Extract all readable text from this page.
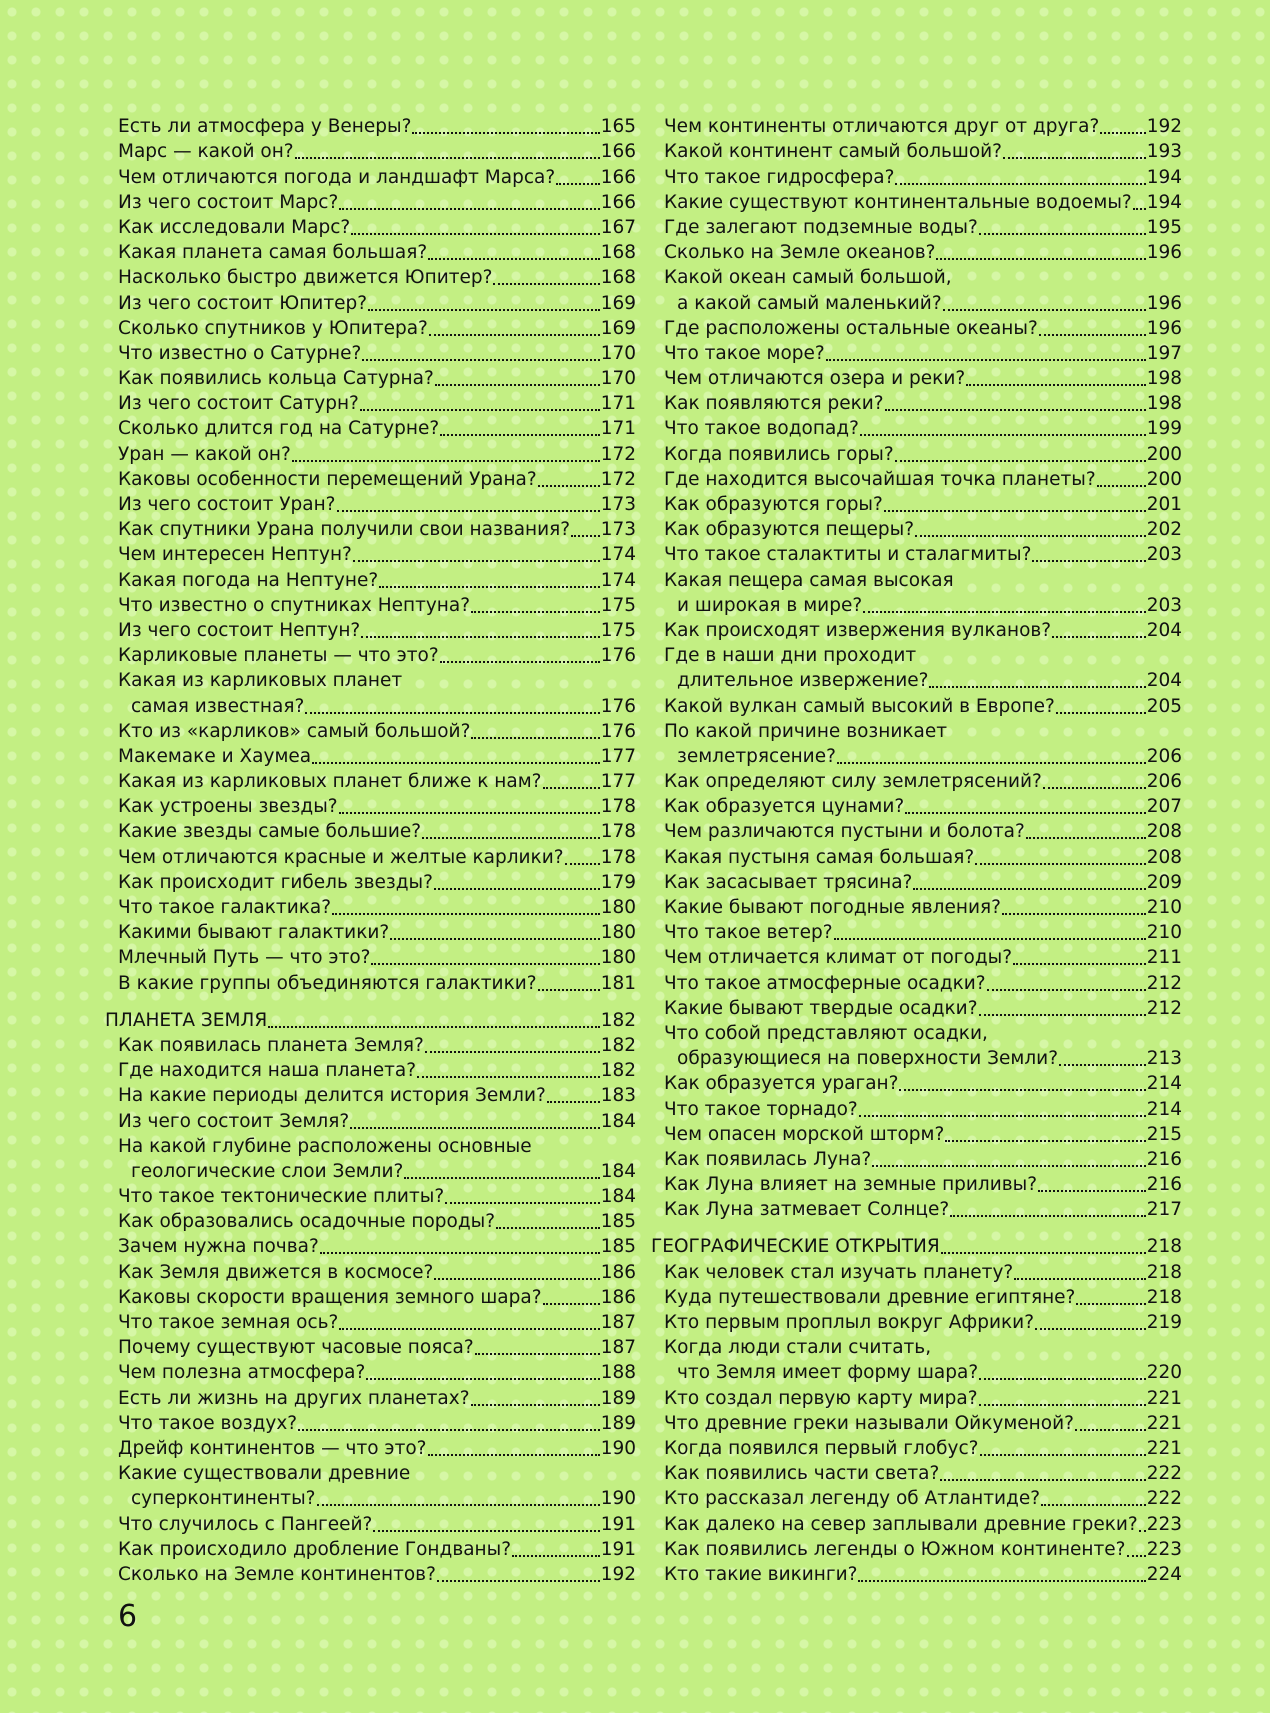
Есть ли атмосфера у Венеры?	165
Марс — какой он?	166
Чем отличаются погода и ландшафт Марса? 166
Из чего состоит Марс?	166
Как исследовали Марс?	167
Какая планета самая большая?	168
Насколько быстро движется Юпитер?	168
Из чего состоит Юпитер?	169
Сколько спутников у Юпитера?	169
Что известно о Сатурне?	170
Как появились кольца Сатурна?	170
Из чего состоит Сатурн?	171
Сколько длится год на Сатурне?	171
Уран — какой он?	172
Каковы особенности перемещений Урана?	172
Из чего состоит Уран?	173
Как спутники Урана получили свои названия? 173
Чем интересен Нептун?	174
Какая погода на Нептуне?	174
Что известно о спутниках Нептуна?	175
Из чего состоит Нептун?	175
Карликовые планеты — что это?	176
Какая из карликовых планет
самая известная?	176
Кто из «карликов» самый большой?	176
Макемаке и Хаумеа	177
Какая из карликовых планет ближе к нам?	177
Как устроены звезды?	178
Какие звезды самые большие?	178
Чем отличаются красные и желтые карлики? 178
Как происходит гибель звезды?	179
Что такое галактика?	180
Какими бывают галактики?	180
Млечный Путь — что это?	180
В какие группы объединяются галактики?	181
ПЛАНЕТА ЗЕМЛЯ	182
Как появилась планета Земля?	182
Где находится наша планета?	182
На какие периоды делится история Земли?	183
Из чего состоит Земля?	184
На какой глубине расположены основные
геологические слои Земли?	184
Что такое тектонические плиты?	184
Как образовались осадочные породы?	185
Зачем нужна почва?	185
Как Земля движется в космосе?	186
Каковы скорости вращения земного шара?	186
Что такое земная ось?	187
Почему существуют часовые пояса?	187
Чем полезна атмосфера?	188
Есть ли жизнь на других планетах?	189
Что такое воздух?	189
Дрейф континентов — что это?	190
Какие существовали древние
суперконтиненты?	190
Что случилось с Пангеей?	191
Как происходило дробление Гондваны?	191
Сколько на Земле континентов?	192
Чем континенты отличаются друг от друга?	192
Какой континент самый большой?	193
Что такое гидросфера?	194
Какие существуют континентальные водоемы? 194
Где залегают подземные воды?	195
Сколько на Земле океанов?	196
Какой океан самый большой,
а какой самый маленький?	196
Где расположены остальные океаны?	196
Что такое море?	197
Чем отличаются озера и реки?	198
Как появляются реки?	198
Что такое водопад?	199
Когда появились горы?	200
Где находится высочайшая точка планеты?	200
Как образуются горы?	201
Как образуются пещеры?	202
Что такое сталактиты и сталагмиты?	203
Какая пещера самая высокая
и широкая в мире?	203
Как происходят извержения вулканов?	204
Где в наши дни проходит
длительное извержение?	204
Какой вулкан самый высокий в Европе?	205
По какой причине возникает
землетрясение?	206
Как определяют силу землетрясений?	206
Как образуется цунами?	207
Чем различаются пустыни и болота?	208
Какая пустыня самая большая?	208
Как засасывает трясина?	209
Какие бывают погодные явления?	210
Что такое ветер?	210
Чем отличается климат от погоды?	211
Что такое атмосферные осадки?	212
Какие бывают твердые осадки?	212
Что собой представляют осадки,
образующиеся на поверхности Земли?	213
Как образуется ураган?	214
Что такое торнадо?	214
Чем опасен морской шторм?	215
Как появилась Луна?	216
Как Луна влияет на земные приливы?	216
Как Луна затмевает Солнце?	217
ГЕОГРАФИЧЕСКИЕ ОТКРЫТИЯ	218
Как человек стал изучать планету?	218
Куда путешествовали древние египтяне?	218
Кто первым проплыл вокруг Африки?	219
Когда люди стали считать,
что Земля имеет форму шара?	220
Кто создал первую карту мира?	221
Что древние греки называли Ойкуменой?	221
Когда появился первый глобус?	221
Как появились части света?	222
Кто рассказал легенду об Атлантиде?	222
Как далеко на север заплывали древние греки? 223
Как появились легенды о Южном континенте? 223
Кто такие викинги?	224
6
